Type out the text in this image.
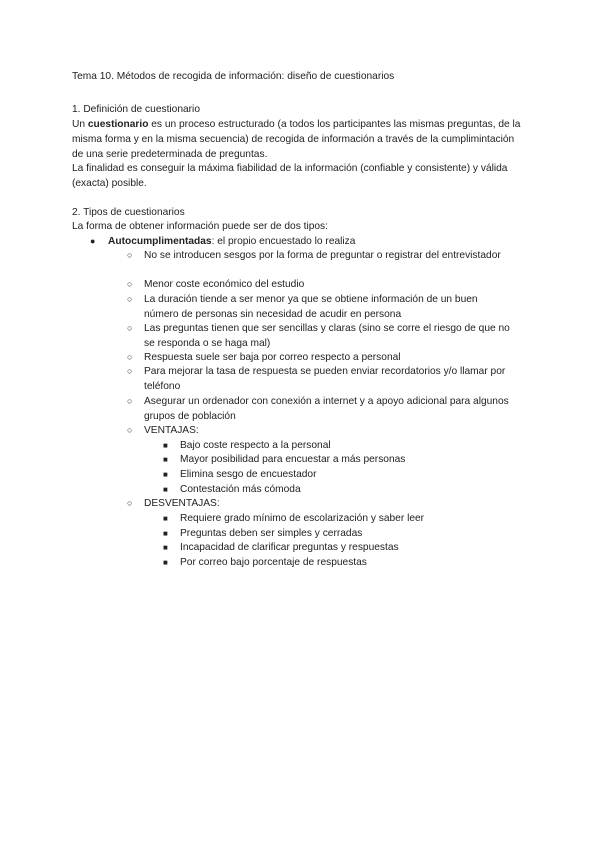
Tema 10. Métodos de recogida de información: diseño de cuestionarios
1. Definición de cuestionario
Un cuestionario es un proceso estructurado (a todos los participantes las mismas preguntas, de la misma forma y en la misma secuencia) de recogida de información a través de la cumplimintación de una serie predeterminada de preguntas.
La finalidad es conseguir la máxima fiabilidad de la información (confiable y consistente) y válida (exacta) posible.
2. Tipos de cuestionarios
La forma de obtener información puede ser de dos tipos:
● Autocumplimentadas: el propio encuestado lo realiza
○ No se introducen sesgos por la forma de preguntar o registrar del entrevistador
○ Menor coste económico del estudio
○ La duración tiende a ser menor ya que se obtiene información de un buen número de personas sin necesidad de acudir en persona
○ Las preguntas tienen que ser sencillas y claras (sino se corre el riesgo de que no se responda o se haga mal)
○ Respuesta suele ser baja por correo respecto a personal
○ Para mejorar la tasa de respuesta se pueden enviar recordatorios y/o llamar por teléfono
○ Asegurar un ordenador con conexión a internet y a apoyo adicional para algunos grupos de población
○ VENTAJAS:
■ Bajo coste respecto a la personal
■ Mayor posibilidad para encuestar a más personas
■ Elimina sesgo de encuestador
■ Contestación más cómoda
○ DESVENTAJAS:
■ Requiere grado mínimo de escolarización y saber leer
■ Preguntas deben ser simples y cerradas
■ Incapacidad de clarificar preguntas y respuestas
■ Por correo bajo porcentaje de respuestas
